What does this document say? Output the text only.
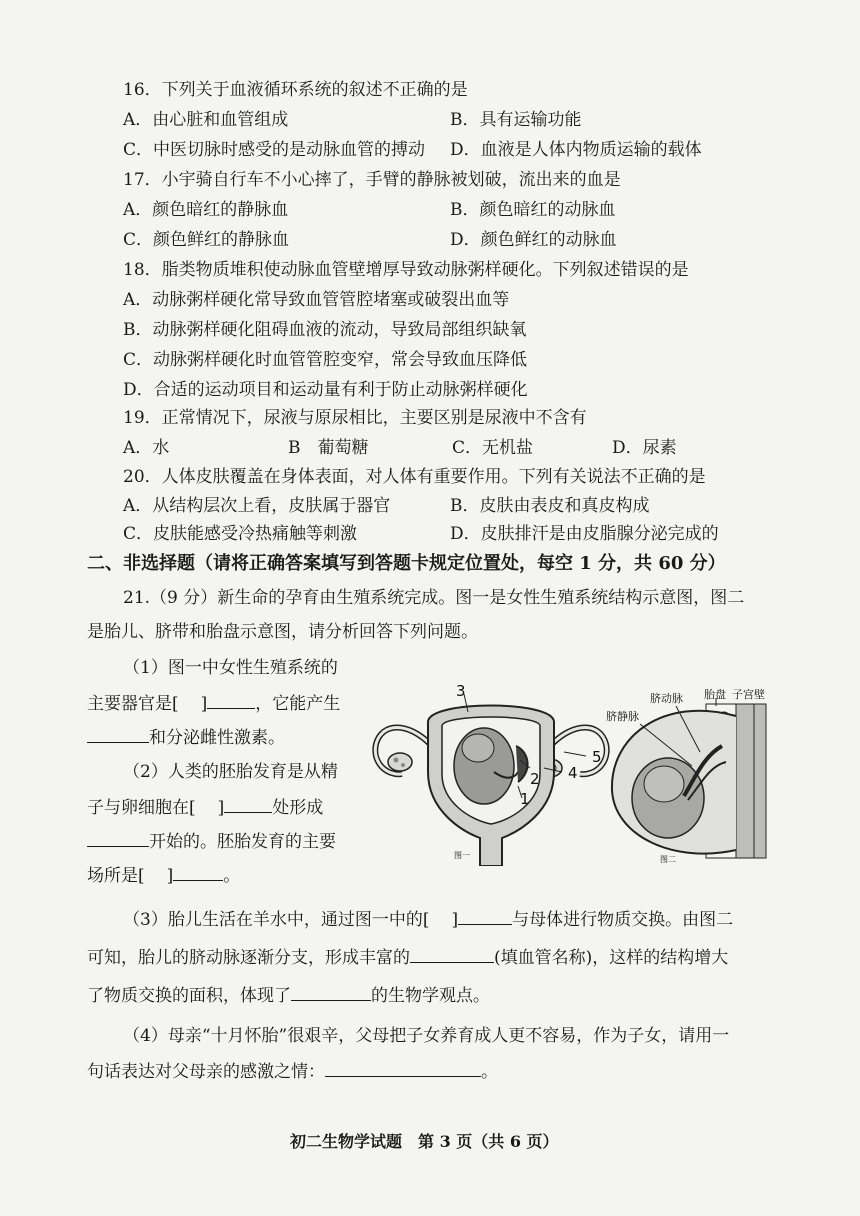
16．下列关于血液循环系统的叙述不正确的是
A．由心脏和血管组成	B．具有运输功能
C．中医切脉时感受的是动脉血管的搏动 D．血液是人体内物质运输的载体
17．小宇骑自行车不小心摔了，手臂的静脉被划破，流出来的血是
A．颜色暗红的静脉血	B．颜色暗红的动脉血
C．颜色鲜红的静脉血	D．颜色鲜红的动脉血
18．脂类物质堆积使动脉血管壁增厚导致动脉粥样硬化。下列叙述错误的是
A．动脉粥样硬化常导致血管管腔堵塞或破裂出血等
B．动脉粥样硬化阻碍血液的流动，导致局部组织缺氧
C．动脉粥样硬化时血管管腔变窄，常会导致血压降低
D．合适的运动项目和运动量有利于防止动脉粥样硬化
19．正常情况下，尿液与原尿相比，主要区别是尿液中不含有
A．水	B　葡萄糖	C．无机盐	D．尿素
20．人体皮肤覆盖在身体表面，对人体有重要作用。下列有关说法不正确的是
A．从结构层次上看，皮肤属于器官	B．皮肤由表皮和真皮构成
C．皮肤能感受冷热痛触等刺激	D．皮肤排汗是由皮脂腺分泌完成的
二、非选择题（请将正确答案填写到答题卡规定位置处，每空 1 分，共 60 分）
21.（9 分）新生命的孕育由生殖系统完成。图一是女性生殖系统结构示意图，图二
是胎儿、脐带和胎盘示意图，请分析回答下列问题。
（1）图一中女性生殖系统的
主要器官是[ ]	，它能产生
和分泌雌性激素。
（2）人类的胚胎发育是从精
子与卵细胞在[ ]	处形成
开始的。胚胎发育的主要
场所是[ ]	。
（3）胎儿生活在羊水中，通过图一中的[ ]	与母体进行物质交换。由图二
可知，胎儿的脐动脉逐渐分支，形成丰富的	(填血管名称)，这样的结构增大
了物质交换的面积，体现了	的生物学观点。
（4）母亲“十月怀胎”很艰辛，父母把子女养育成人更不容易，作为子女，请用一
句话表达对父母亲的感激之情：	。
1
2
3
4
5
图一
脐动脉
脐静脉
胎盘 子宫壁
图二
初二生物学试题　第 3 页（共 6 页）
